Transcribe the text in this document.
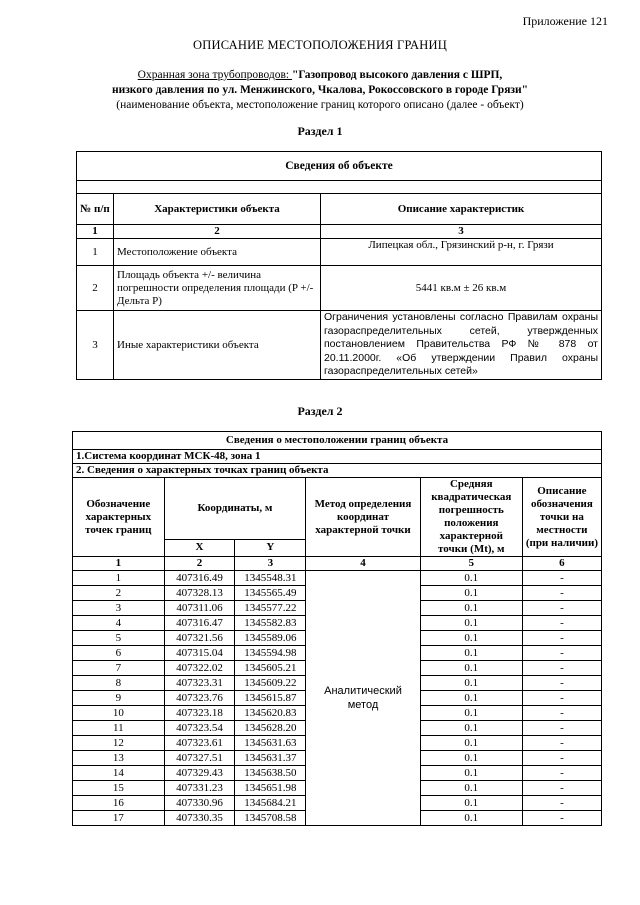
Приложение 121
ОПИСАНИЕ МЕСТОПОЛОЖЕНИЯ ГРАНИЦ
Охранная зона трубопроводов: "Газопровод высокого давления с ШРП,
низкого давления по ул. Менжинского, Чкалова, Рокоссовского в городе Грязи"
(наименование объекта, местоположение границ которого описано (далее - объект)
Раздел 1
Сведения об объекте		

№ п/п	Характеристики объекта	Описание характеристик
1	2	3
1	Местоположение объекта	Липецкая обл., Грязинский р-н, г. Грязи
2	Площадь объекта +/- величина погрешности определения площади (P +/- Дельта P)	5441 кв.м ± 26 кв.м
3	Иные характеристики объекта	Ограничения установлены согласно Правилам охраны газораспределительных сетей, утвержденных постановлением Правительства РФ № 878 от 20.11.2000г. «Об утверждении Правил охраны газораспределительных сетей»
Раздел 2
Сведения о местоположении границ объекта					
1.Система координат МСК-48, зона 1					
2. Сведения о характерных точках границ объекта					
Обозначение характерных точек границ	Координаты, м		Метод определения координат характерной точки	Средняя квадратическая погрешность положения характерной точки (Mt), м	Описание обозначения точки на местности (при наличии)
	X	Y			
1	2	3	4	5	6
1	407316.49	1345548.31	Аналитический метод	0.1	-
2	407328.13	1345565.49		0.1	-
3	407311.06	1345577.22		0.1	-
4	407316.47	1345582.83		0.1	-
5	407321.56	1345589.06		0.1	-
6	407315.04	1345594.98		0.1	-
7	407322.02	1345605.21		0.1	-
8	407323.31	1345609.22		0.1	-
9	407323.76	1345615.87		0.1	-
10	407323.18	1345620.83		0.1	-
11	407323.54	1345628.20		0.1	-
12	407323.61	1345631.63		0.1	-
13	407327.51	1345631.37		0.1	-
14	407329.43	1345638.50		0.1	-
15	407331.23	1345651.98		0.1	-
16	407330.96	1345684.21		0.1	-
17	407330.35	1345708.58		0.1	-
